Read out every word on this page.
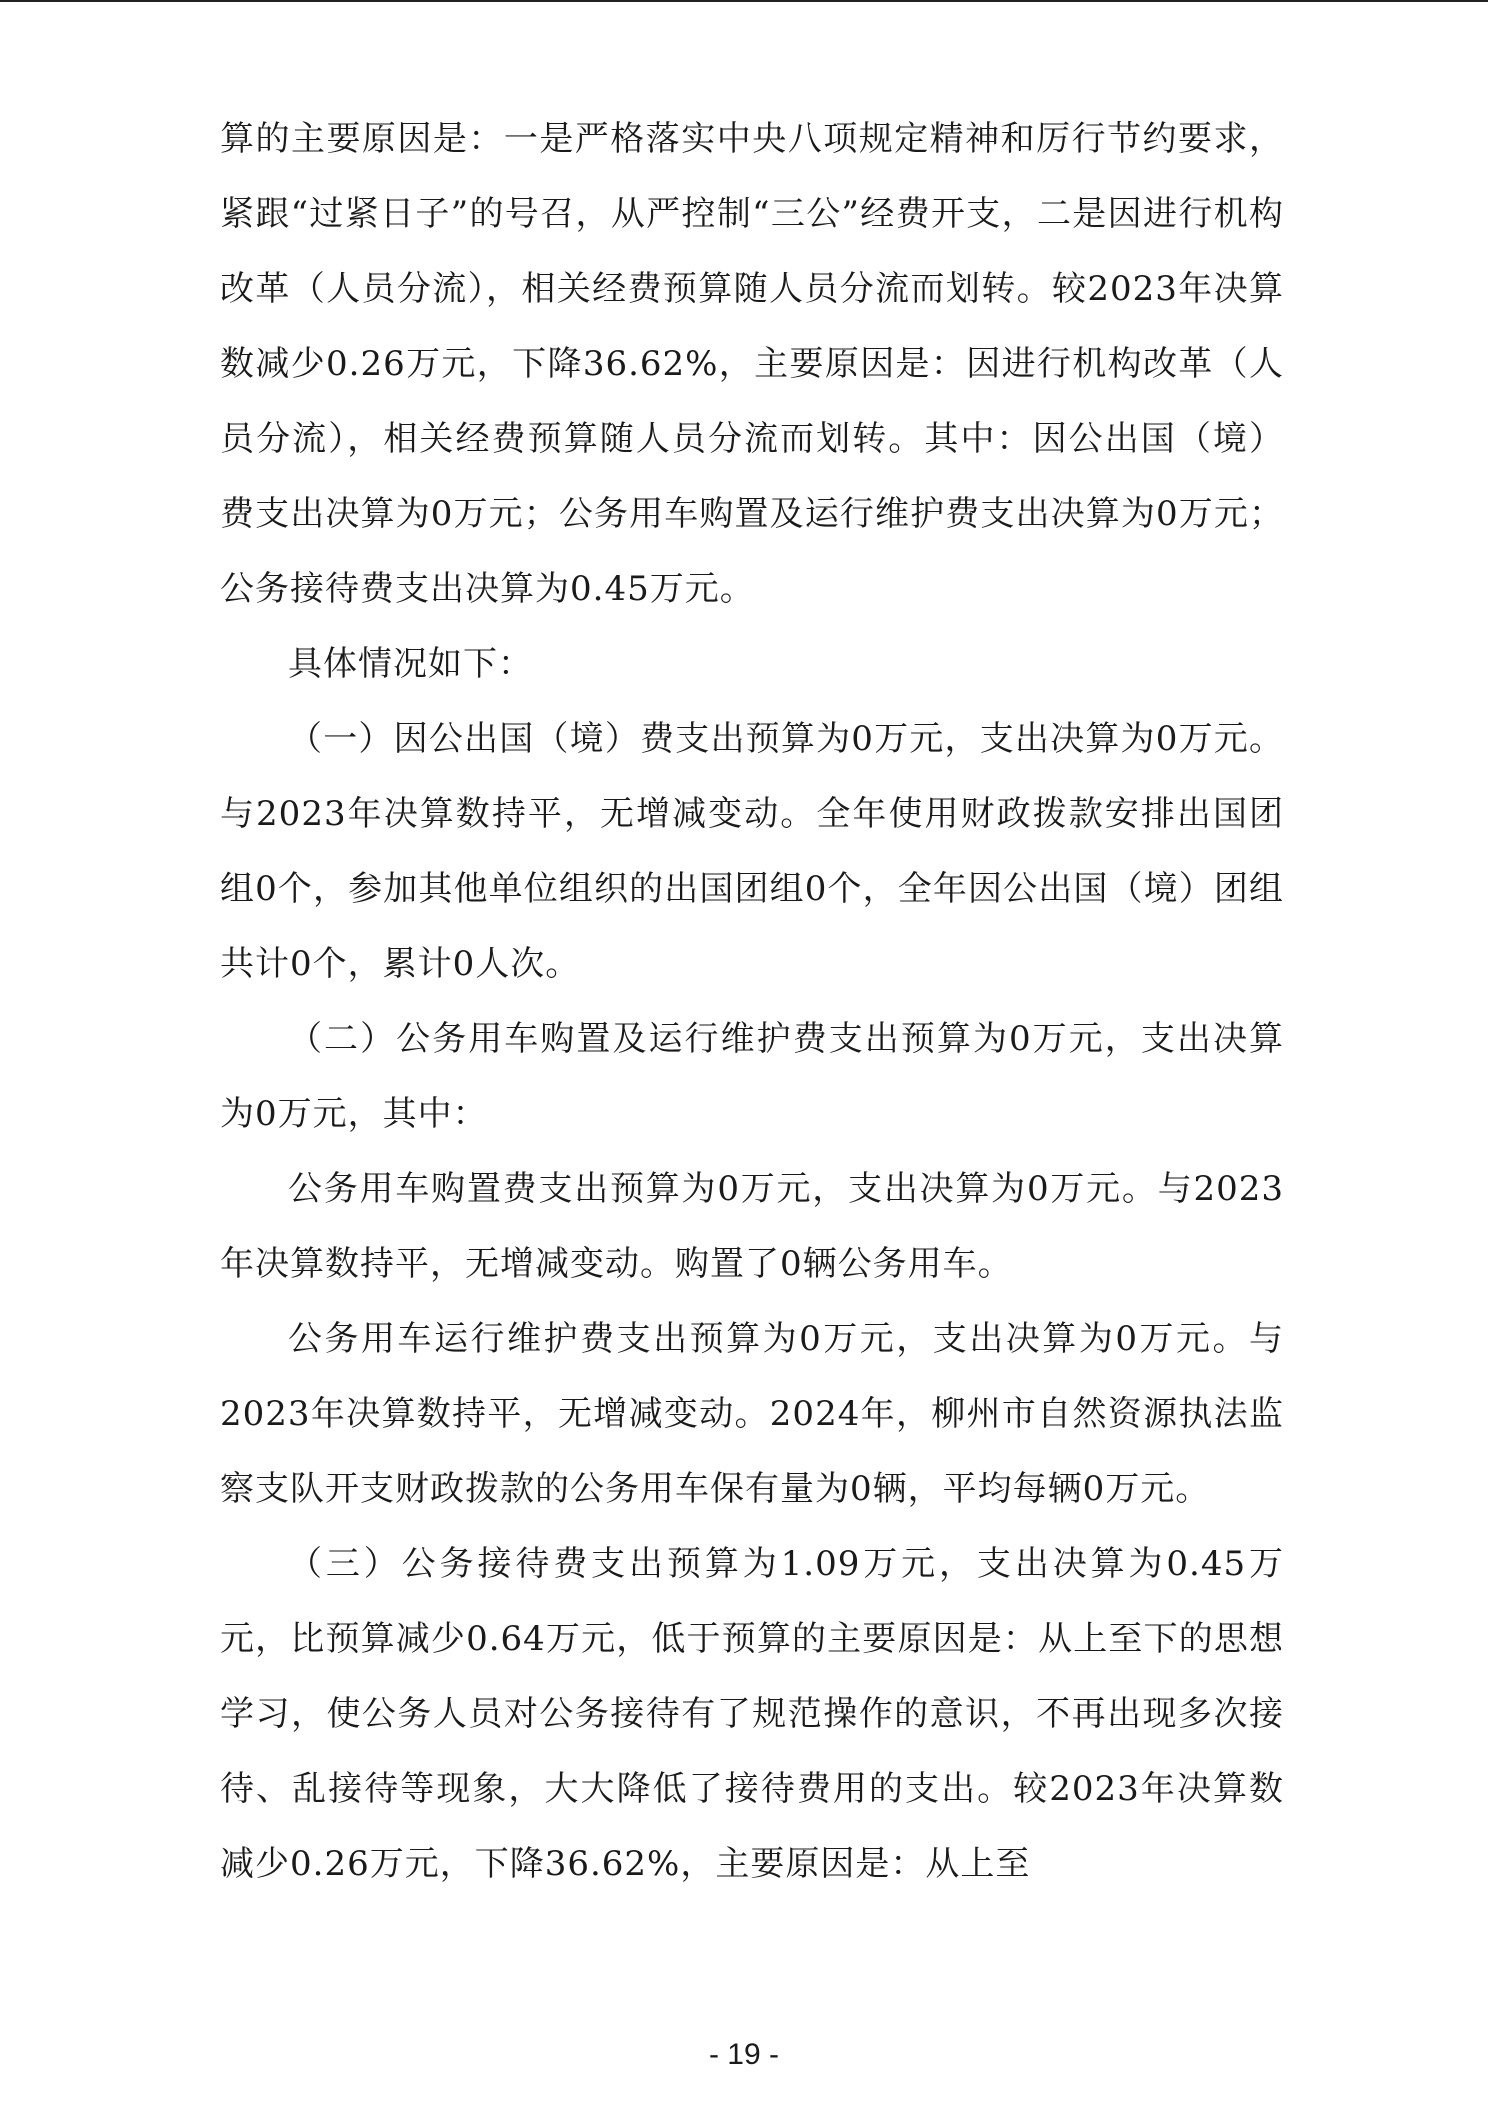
算的主要原因是：一是严格落实中央八项规定精神和厉行节约要求，紧跟“过紧日子”的号召，从严控制“三公”经费开支，二是因进行机构改革（人员分流），相关经费预算随人员分流而划转。较2023年决算数减少0.26万元，下降36.62%，主要原因是：因进行机构改革（人员分流），相关经费预算随人员分流而划转。其中：因公出国（境）费支出决算为0万元；公务用车购置及运行维护费支出决算为0万元；公务接待费支出决算为0.45万元。

具体情况如下：

（一）因公出国（境）费支出预算为0万元，支出决算为0万元。与2023年决算数持平，无增减变动。全年使用财政拨款安排出国团组0个，参加其他单位组织的出国团组0个，全年因公出国（境）团组共计0个，累计0人次。

（二）公务用车购置及运行维护费支出预算为0万元，支出决算为0万元，其中：

公务用车购置费支出预算为0万元，支出决算为0万元。与2023年决算数持平，无增减变动。购置了0辆公务用车。

公务用车运行维护费支出预算为0万元，支出决算为0万元。与2023年决算数持平，无增减变动。2024年，柳州市自然资源执法监察支队开支财政拨款的公务用车保有量为0辆，平均每辆0万元。

（三）公务接待费支出预算为1.09万元，支出决算为0.45万元，比预算减少0.64万元，低于预算的主要原因是：从上至下的思想学习，使公务人员对公务接待有了规范操作的意识，不再出现多次接待、乱接待等现象，大大降低了接待费用的支出。较2023年决算数减少0.26万元，下降36.62%，主要原因是：从上至

- 19 -
